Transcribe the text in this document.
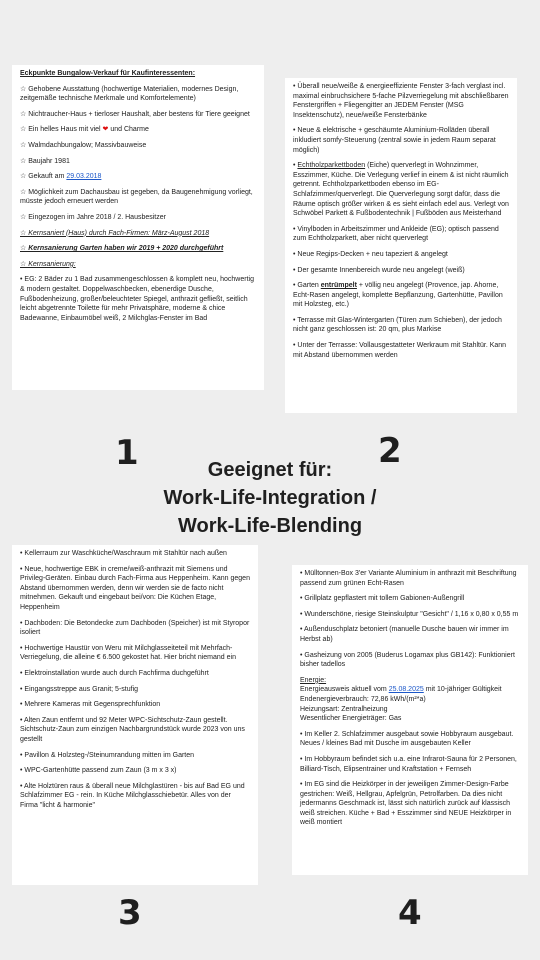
Eckpunkte Bungalow-Verkauf für Kaufinteressenten:

☆ Gehobene Ausstattung (hochwertige Materialien, modernes Design, zeitgemäße technische Merkmale und Komfortelemente)

☆ Nichtraucher-Haus + tierloser Haushalt, aber bestens für Tiere geeignet

☆ Ein helles Haus mit viel ❤ und Charme

☆ Walmdachbungalow; Massivbauweise

☆ Baujahr 1981

☆ Gekauft am 29.03.2018

☆ Möglichkeit zum Dachausbau ist gegeben, da Baugenehmigung vorliegt, müsste jedoch erneuert werden

☆ Eingezogen im Jahre 2018 / 2. Hausbesitzer

☆ Kernsaniert (Haus) durch Fach-Firmen: März-August 2018

☆ Kernsanierung Garten haben wir 2019 + 2020 durchgeführt

☆ Kernsanierung:

• EG: 2 Bäder zu 1 Bad zusammengeschlossen & komplett neu, hochwertig & modern gestaltet. Doppelwaschbecken, ebenerdige Dusche, Fußbodenheizung, großer/beleuchteter Spiegel, anthrazit gefließt, seitlich leicht abgetrennte Toilette für mehr Privatsphäre, moderne & chice Badewanne, Einbaumöbel weiß, 2 Milchglas-Fenster im Bad

• Überall neue/weiße & energieeffiziente Fenster 3-fach verglast incl. maximal einbruchsichere 5-fache Pilzverriegelung mit abschließbaren Fenstergriffen + Fliegengitter an JEDEM Fenster (MSG Insektenschutz), neue/weiße Fensterbänke

• Neue & elektrische + geschäumte Aluminium-Rolläden überall inkludiert somfy-Steuerung (zentral sowie in jedem Raum separat möglich)

• Echtholzparkettboden (Eiche) querverlegt in Wohnzimmer, Esszimmer, Küche. Die Verlegung verlief in einem & ist nicht räumlich getrennt. Echtholzparkettboden ebenso im EG-Schlafzimmer/querverlegt. Die Querverlegung sorgt dafür, dass die Räume optisch größer wirken & es sieht einfach edel aus. Verlegt von Schwöbel Parkett & Fußbodentechnik | Fußböden aus Meisterhand

• Vinylboden in Arbeitszimmer und Ankleide (EG); optisch passend zum Echtholzparkett, aber nicht querverlegt

• Neue Regips-Decken + neu tapeziert & angelegt

• Der gesamte Innenbereich wurde neu angelegt (weiß)

• Garten entrümpelt + völlig neu angelegt (Provence, jap. Ahorne, Echt-Rasen angelegt, komplette Bepflanzung, Gartenhütte, Pavillon mit Holzsteg, etc.)

• Terrasse mit Glas-Wintergarten (Türen zum Schieben), der jedoch nicht ganz geschlossen ist: 20 qm, plus Markise

• Unter der Terrasse: Vollausgestatteter Werkraum mit Stahltür. Kann mit Abstand übernommen werden

• Kellerraum zur Waschküche/Waschraum mit Stahltür nach außen

• Neue, hochwertige EBK in creme/weiß-anthrazit mit Siemens und Privileg-Geräten. Einbau durch Fach-Firma aus Heppenheim. Kann gegen Abstand übernommen werden, denn wir werden sie de facto nicht mitnehmen. Gekauft und eingebaut bei/von: Die Küchen Etage, Heppenheim

• Dachboden: Die Betondecke zum Dachboden (Speicher) ist mit Styropor isoliert

• Hochwertige Haustür von Weru mit Milchglasseiteteil mit Mehrfach-Verriegelung, die alleine € 6.500 gekostet hat. Hier bricht niemand ein

• Elektroinstallation wurde auch durch Fachfirma duchgeführt

• Eingangsstreppe aus Granit; 5-stufig

• Mehrere Kameras mit Gegensprechfunktion

• Alten Zaun entfernt und 92 Meter WPC-Sichtschutz-Zaun gestellt. Sichtschutz-Zaun zum einzigen Nachbargrundstück wurde 2023 von uns gestellt

• Pavillon & Holzsteg-/Steinumrandung mitten im Garten

• WPC-Gartenhütte passend zum Zaun (3 m x 3 x)

• Alte Holztüren raus & überall neue Milchglastüren - bis auf Bad EG und Schlafzimmer EG - rein. In Küche Milchglasschiebetür. Alles von der Firma "licht & harmonie"

• Mülltonnen-Box 3'er Variante Aluminium in anthrazit mit Beschriftung passend zum grünen Echt-Rasen

• Grillplatz gepflastert mit tollem Gabionen-Außengrill

• Wunderschöne, riesige Steinskulptur "Gesicht" / 1,16 x 0,80 x 0,55 m

• Außenduschplatz betoniert (manuelle Dusche bauen wir immer im Herbst ab)

• Gasheizung von 2005 (Buderus Logamax plus GB142): Funktioniert bisher tadellos

Energie:
Energieausweis aktuell vom 25.08.2025 mit 10-jähriger Gültigkeit
Endenergieverbrauch: 72,86 kWh/(m²*a)
Heizungsart: Zentralheizung
Wesentlicher Energieträger: Gas

• Im Keller 2. Schlafzimmer ausgebaut sowie Hobbyraum ausgebaut. Neues / kleines Bad mit Dusche im ausgebauten Keller

• Im Hobbyraum befindet sich u.a. eine Infrarot-Sauna für 2 Personen, Billiard-Tisch, Elipsentrainer und Kraftstation + Fernseh

• Im EG sind die Heizkörper in der jeweiligen Zimmer-Design-Farbe gestrichen: Weiß, Hellgrau, Apfelgrün, Petrolfarben. Da dies nicht jedermanns Geschmack ist, lässt sich natürlich zurück auf klassisch weiß streichen. Küche + Bad + Esszimmer sind NEUE Heizkörper in weiß montiert

Geeignet für:
Work-Life-Integration /
Work-Life-Blending
1	2
3	4
